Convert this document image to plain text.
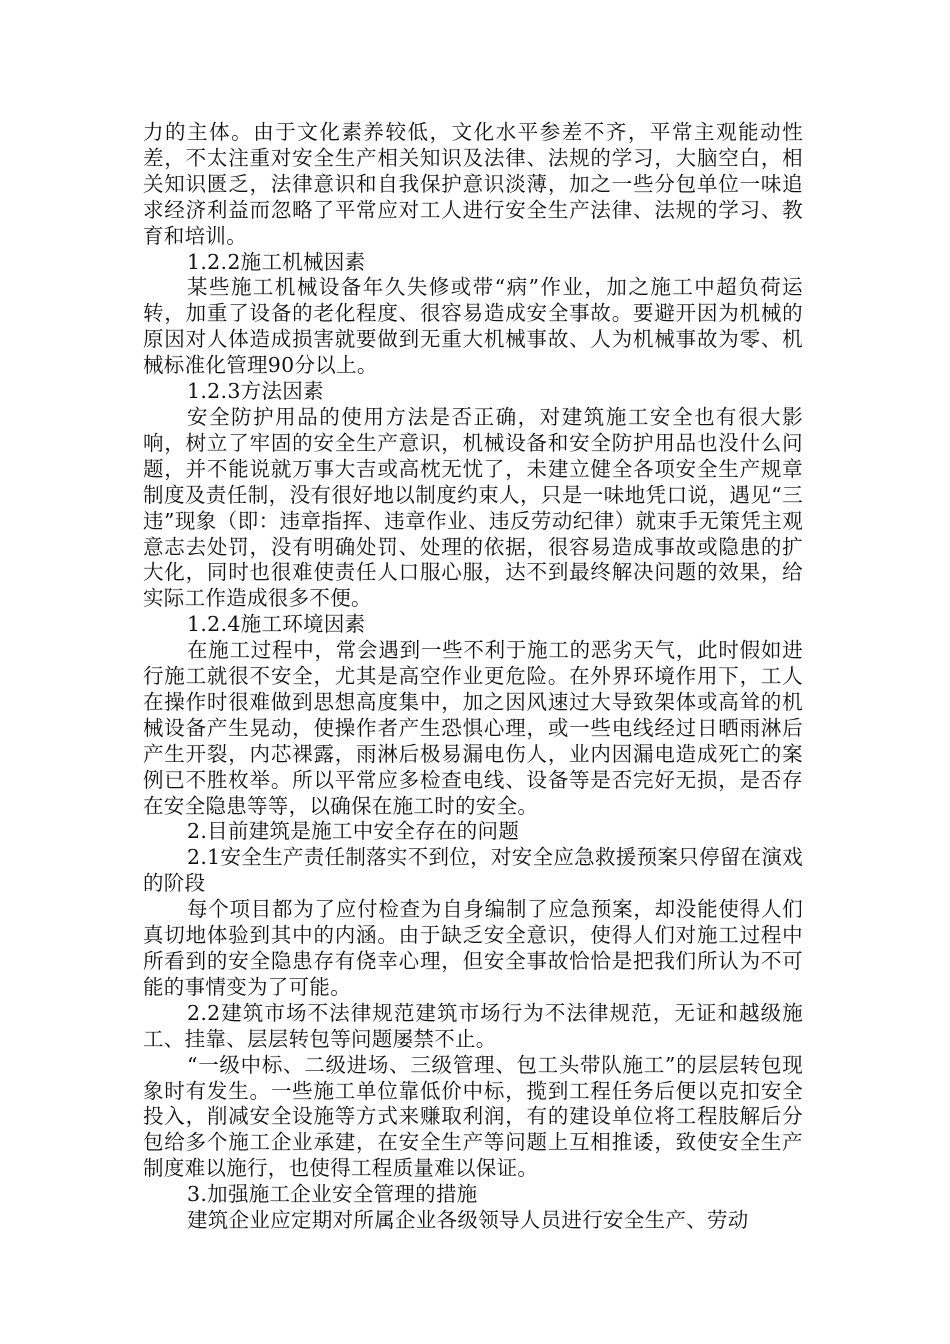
力的主体。由于文化素养较低，文化水平参差不齐，平常主观能动性差，不太注重对安全生产相关知识及法律、法规的学习，大脑空白，相关知识匮乏，法律意识和自我保护意识淡薄，加之一些分包单位一味追求经济利益而忽略了平常应对工人进行安全生产法律、法规的学习、教育和培训。

1.2.2施工机械因素

某些施工机械设备年久失修或带“病”作业，加之施工中超负荷运转，加重了设备的老化程度、很容易造成安全事故。要避开因为机械的原因对人体造成损害就要做到无重大机械事故、人为机械事故为零、机械标准化管理90分以上。

1.2.3方法因素

安全防护用品的使用方法是否正确，对建筑施工安全也有很大影响，树立了牢固的安全生产意识，机械设备和安全防护用品也没什么问题，并不能说就万事大吉或高枕无忧了，未建立健全各项安全生产规章制度及责任制，没有很好地以制度约束人，只是一味地凭口说，遇见“三违”现象（即：违章指挥、违章作业、违反劳动纪律）就束手无策凭主观意志去处罚，没有明确处罚、处理的依据，很容易造成事故或隐患的扩大化，同时也很难使责任人口服心服，达不到最终解决问题的效果，给实际工作造成很多不便。

1.2.4施工环境因素

在施工过程中，常会遇到一些不利于施工的恶劣天气，此时假如进行施工就很不安全，尤其是高空作业更危险。在外界环境作用下，工人在操作时很难做到思想高度集中，加之因风速过大导致架体或高耸的机械设备产生晃动，使操作者产生恐惧心理，或一些电线经过日晒雨淋后产生开裂，内芯裸露，雨淋后极易漏电伤人，业内因漏电造成死亡的案例已不胜枚举。所以平常应多检查电线、设备等是否完好无损，是否存在安全隐患等等，以确保在施工时的安全。

2.目前建筑是施工中安全存在的问题

2.1安全生产责任制落实不到位，对安全应急救援预案只停留在演戏的阶段

每个项目都为了应付检查为自身编制了应急预案，却没能使得人们真切地体验到其中的内涵。由于缺乏安全意识，使得人们对施工过程中所看到的安全隐患存有侥幸心理，但安全事故恰恰是把我们所认为不可能的事情变为了可能。

2.2建筑市场不法律规范建筑市场行为不法律规范，无证和越级施工、挂靠、层层转包等问题屡禁不止。

“一级中标、二级进场、三级管理、包工头带队施工”的层层转包现象时有发生。一些施工单位靠低价中标，揽到工程任务后便以克扣安全投入，削减安全设施等方式来赚取利润，有的建设单位将工程肢解后分包给多个施工企业承建，在安全生产等问题上互相推诿，致使安全生产制度难以施行，也使得工程质量难以保证。

3.加强施工企业安全管理的措施

建筑企业应定期对所属企业各级领导人员进行安全生产、劳动
